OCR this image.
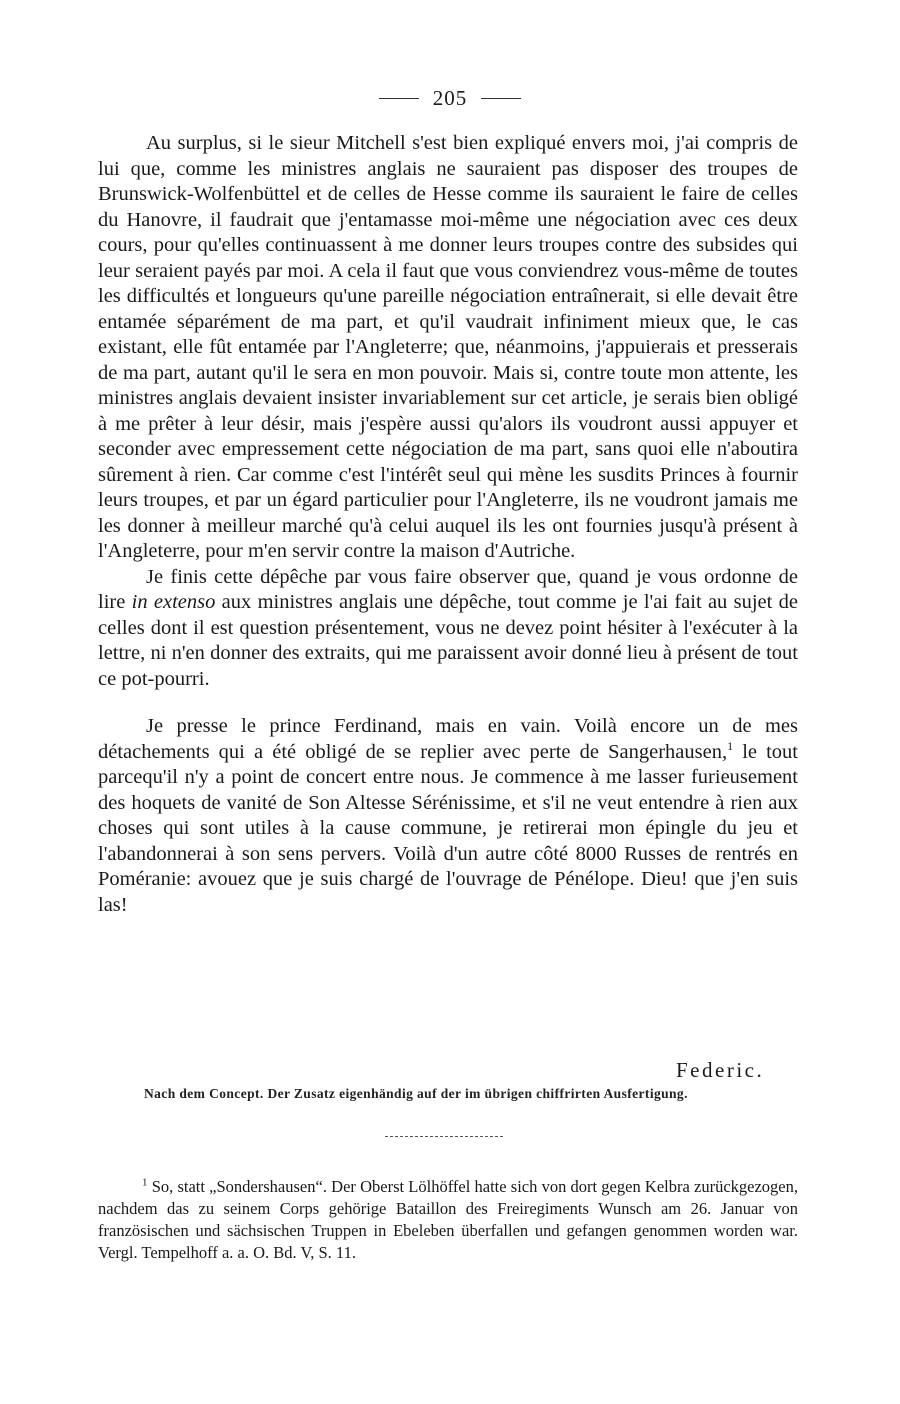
205

Au surplus, si le sieur Mitchell s'est bien expliqué envers moi, j'ai compris de lui que, comme les ministres anglais ne sauraient pas disposer des troupes de Brunswick-Wolfenbüttel et de celles de Hesse comme ils sauraient le faire de celles du Hanovre, il faudrait que j'entamasse moi-même une négociation avec ces deux cours, pour qu'elles continuassent à me donner leurs troupes contre des subsides qui leur seraient payés par moi. A cela il faut que vous conviendrez vous-même de toutes les difficultés et longueurs qu'une pareille négociation entraînerait, si elle devait être entamée séparément de ma part, et qu'il vaudrait infiniment mieux que, le cas existant, elle fût entamée par l'Angleterre; que, néanmoins, j'appuierais et presserais de ma part, autant qu'il le sera en mon pouvoir. Mais si, contre toute mon attente, les ministres anglais devaient insister invariablement sur cet article, je serais bien obligé à me prêter à leur désir, mais j'espère aussi qu'alors ils voudront aussi appuyer et seconder avec empressement cette négociation de ma part, sans quoi elle n'aboutira sûrement à rien. Car comme c'est l'intérêt seul qui mène les susdits Princes à fournir leurs troupes, et par un égard particulier pour l'Angleterre, ils ne voudront jamais me les donner à meilleur marché qu'à celui auquel ils les ont fournies jusqu'à présent à l'Angleterre, pour m'en servir contre la maison d'Autriche.

Je finis cette dépêche par vous faire observer que, quand je vous ordonne de lire in extenso aux ministres anglais une dépêche, tout comme je l'ai fait au sujet de celles dont il est question présentement, vous ne devez point hésiter à l'exécuter à la lettre, ni n'en donner des extraits, qui me paraissent avoir donné lieu à présent de tout ce pot-pourri.

Je presse le prince Ferdinand, mais en vain. Voilà encore un de mes détachements qui a été obligé de se replier avec perte de Sangerhausen,$^1$ le tout parcequ'il n'y a point de concert entre nous. Je commence à me lasser furieusement des hoquets de vanité de Son Altesse Sérénissime, et s'il ne veut entendre à rien aux choses qui sont utiles à la cause commune, je retirerai mon épingle du jeu et l'abandonnerai à son sens pervers. Voilà d'un autre côté 8000 Russes de rentrés en Poméranie: avouez que je suis chargé de l'ouvrage de Pénélope. Dieu! que j'en suis las!

Federic.
Nach dem Concept. Der Zusatz eigenhändig auf der im übrigen chiffrirten Ausfertigung.

$^1$ So, statt „Sondershausen“. Der Oberst Lölhöffel hatte sich von dort gegen Kelbra zurückgezogen, nachdem das zu seinem Corps gehörige Bataillon des Freiregiments Wunsch am 26. Januar von französischen und sächsischen Truppen in Ebeleben überfallen und gefangen genommen worden war. Vergl. Tempelhoff a. a. O. Bd. V, S. 11.
